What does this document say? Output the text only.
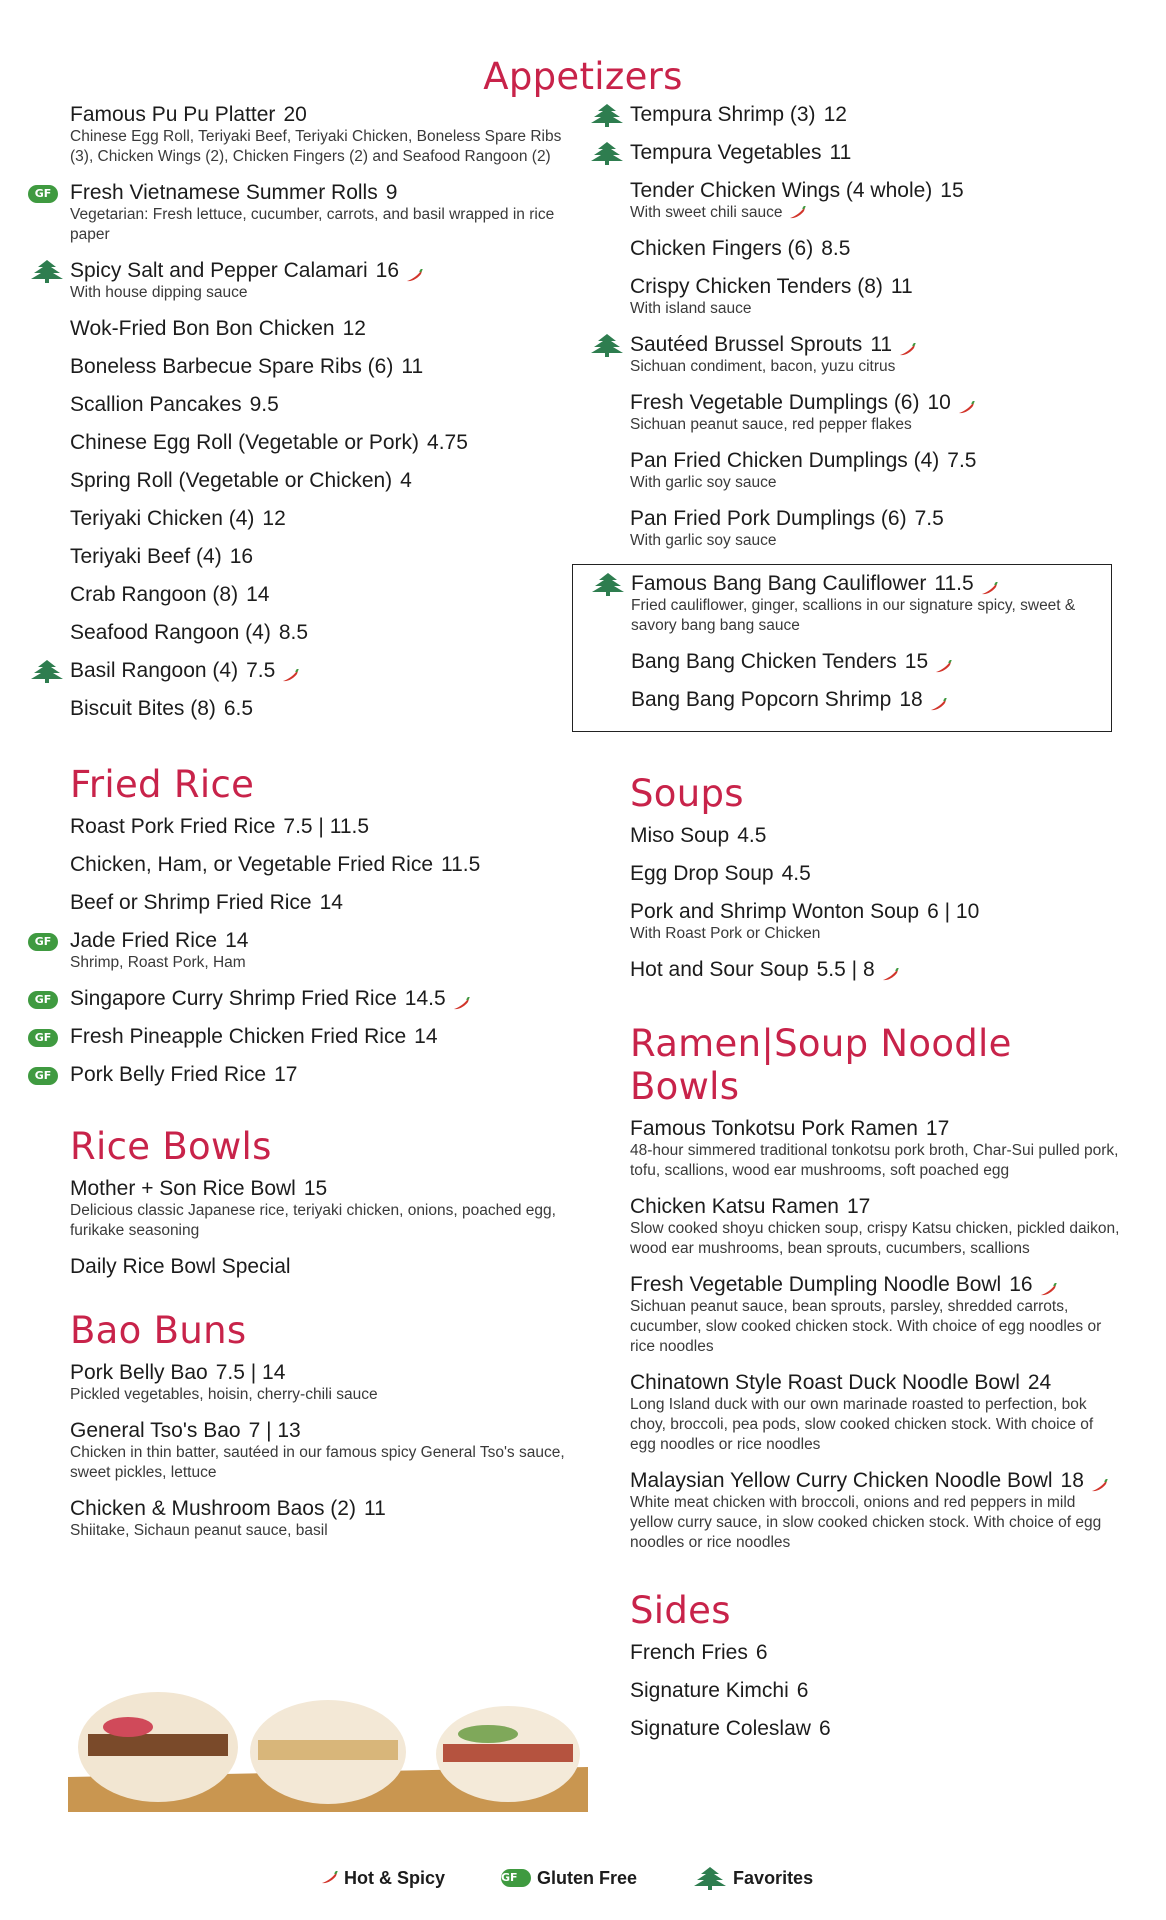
Appetizers
Famous Pu Pu Platter 20
Chinese Egg Roll, Teriyaki Beef, Teriyaki Chicken, Boneless Spare Ribs (3), Chicken Wings (2), Chicken Fingers (2) and Seafood Rangoon (2)
GF Fresh Vietnamese Summer Rolls 9
Vegetarian: Fresh lettuce, cucumber, carrots, and basil wrapped in rice paper
Spicy Salt and Pepper Calamari 16
With house dipping sauce
Wok-Fried Bon Bon Chicken 12
Boneless Barbecue Spare Ribs (6) 11
Scallion Pancakes 9.5
Chinese Egg Roll (Vegetable or Pork) 4.75
Spring Roll (Vegetable or Chicken) 4
Teriyaki Chicken (4) 12
Teriyaki Beef (4) 16
Crab Rangoon (8) 14
Seafood Rangoon (4) 8.5
Basil Rangoon (4) 7.5
Biscuit Bites (8) 6.5
Fried Rice
Roast Pork Fried Rice 7.5 | 11.5
Chicken, Ham, or Vegetable Fried Rice 11.5
Beef or Shrimp Fried Rice 14
GF Jade Fried Rice 14
Shrimp, Roast Pork, Ham
GF Singapore Curry Shrimp Fried Rice 14.5
GF Fresh Pineapple Chicken Fried Rice 14
GF Pork Belly Fried Rice 17
Rice Bowls
Mother + Son Rice Bowl 15
Delicious classic Japanese rice, teriyaki chicken, onions, poached egg, furikake seasoning
Daily Rice Bowl Special
Bao Buns
Pork Belly Bao 7.5 | 14
Pickled vegetables, hoisin, cherry-chili sauce
General Tso's Bao 7 | 13
Chicken in thin batter, sautéed in our famous spicy General Tso's sauce, sweet pickles, lettuce
Chicken & Mushroom Baos (2) 11
Shiitake, Sichaun peanut sauce, basil
Tempura Shrimp (3) 12
Tempura Vegetables 11
Tender Chicken Wings (4 whole) 15
With sweet chili sauce
Chicken Fingers (6) 8.5
Crispy Chicken Tenders (8) 11
With island sauce
Sautéed Brussel Sprouts 11
Sichuan condiment, bacon, yuzu citrus
Fresh Vegetable Dumplings (6) 10
Sichuan peanut sauce, red pepper flakes
Pan Fried Chicken Dumplings (4) 7.5
With garlic soy sauce
Pan Fried Pork Dumplings (6) 7.5
With garlic soy sauce
Famous Bang Bang Cauliflower 11.5
Fried cauliflower, ginger, scallions in our signature spicy, sweet & savory bang bang sauce
Bang Bang Chicken Tenders 15
Bang Bang Popcorn Shrimp 18
Soups
Miso Soup 4.5
Egg Drop Soup 4.5
Pork and Shrimp Wonton Soup 6 | 10
With Roast Pork or Chicken
Hot and Sour Soup 5.5 | 8
Ramen|Soup Noodle Bowls
Famous Tonkotsu Pork Ramen 17
48-hour simmered traditional tonkotsu pork broth, Char-Sui pulled pork, tofu, scallions, wood ear mushrooms, soft poached egg
Chicken Katsu Ramen 17
Slow cooked shoyu chicken soup, crispy Katsu chicken, pickled daikon, wood ear mushrooms, bean sprouts, cucumbers, scallions
Fresh Vegetable Dumpling Noodle Bowl 16
Sichuan peanut sauce, bean sprouts, parsley, shredded carrots, cucumber, slow cooked chicken stock. With choice of egg noodles or rice noodles
Chinatown Style Roast Duck Noodle Bowl 24
Long Island duck with our own marinade roasted to perfection, bok choy, broccoli, pea pods, slow cooked chicken stock. With choice of egg noodles or rice noodles
Malaysian Yellow Curry Chicken Noodle Bowl 18
White meat chicken with broccoli, onions and red peppers in mild yellow curry sauce, in slow cooked chicken stock. With choice of egg noodles or rice noodles
Sides
French Fries 6
Signature Kimchi 6
Signature Coleslaw 6
Hot & Spicy	GF	Gluten Free	Favorites
